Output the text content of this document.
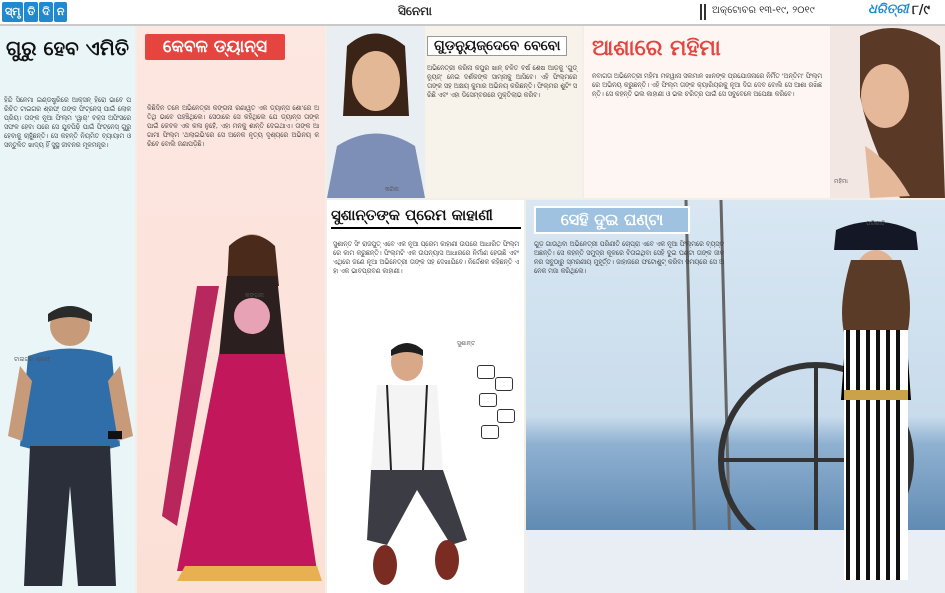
ସ୍ମୃ ତି ଦି ନ	ସିନେମା	ଅକ୍ଟୋବର ୧୩-୧୯, ୨୦୧୯	ଧରିତ୍ରୀ ୮/୯
ଗୁରୁ ହେବ ଏମିତି
ହିନ୍ଦି ସିନେମା ଇଣ୍ଡଷ୍ଟ୍ରିରେ ଆକ୍ସନ୍ ହିରୋ ଭାବେ ପରିଚିତ ଟାଇଗର ଶ୍ରଫ୍ ତାଙ୍କ ଫିଟ୍ନେସ୍ ପାଇଁ ଲୋକପ୍ରିୟ। ତାଙ୍କ ନୂଆ ଫିଲ୍ମ 'ୱାର୍' ବକ୍ସ ଅଫିସରେ ସଫଳ ହେବା ପରେ ସେ ଯୁବପିଢ଼ି ପାଇଁ ଫିଟ୍ନେସ୍ ଗୁରୁ ହେବାକୁ ଚାହୁଁଛନ୍ତି। ସେ କହନ୍ତି ନିୟମିତ ବ୍ୟାୟାମ ଓ ସନ୍ତୁଳିତ ଖାଦ୍ୟ ହିଁ ସୁସ୍ଥ ଜୀବନର ମୂଳମନ୍ତ୍ର।
ଟାଇଗର ଶ୍ରଫ୍
କେବଳ ଡ୍ୟାନ୍ସ
କିଛିଦିନ ତଳେ ଅଭିନେତ୍ରୀ କଙ୍ଗନା ରଣାୱତ ଏକ ଡ୍ୟାନ୍ସ ଶୋ'ରେ ଅତିଥି ଭାବେ ପହଞ୍ଚିଥିଲେ। ସେଠାରେ ସେ କହିଥିଲେ ଯେ ଡ୍ୟାନ୍ସ ତାଙ୍କ ପାଇଁ କେବଳ ଏକ କଳା ନୁହେଁ, ଏହା ମନକୁ ଶାନ୍ତି ଦେଇଥାଏ। ତାଙ୍କ ଆଗାମୀ ଫିଲ୍ମ 'ଥଲାଇଭି'ରେ ସେ ଅନେକ ନୃତ୍ୟ ଦୃଶ୍ୟରେ ଅଭିନୟ କରିବେ ବୋଲି ଜଣାପଡ଼ିଛି।
କଙ୍ଗନା
ଗୁଡ଼ନ୍ୟୁଜ୍‌ଦେବେ ବେବୋ
ଅଭିନେତ୍ରୀ କରିନା କପୁର ଖାନ୍ ଚଳିତ ବର୍ଷ ଶେଷ ଆଡ଼କୁ 'ଗୁଡ୍ ନ୍ୟୁଜ୍' ନେଇ ଦର୍ଶକଙ୍କ ସାମ୍ନାକୁ ଆସିବେ। ଏହି ଫିଲ୍ମରେ ତାଙ୍କ ସହ ଅକ୍ଷୟ କୁମାର ଅଭିନୟ କରିଛନ୍ତି। ଫିଲ୍ମର ଶୁଟିଂ ସରିଛି ଏବଂ ଏହା ଡିସେମ୍ବରରେ ମୁକ୍ତିଲାଭ କରିବ।
କରିନା
ଆଶାରେ ମହିମା
ନବାଗତା ଅଭିନେତ୍ରୀ ମହିମା ମକୱାନା ସଲମାନ ଖାନଙ୍କ ପ୍ରଯୋଜନାରେ ନିର୍ମିତ 'ଅନ୍ତିମ' ଫିଲ୍ମରେ ଅଭିନୟ କରୁଛନ୍ତି। ଏହି ଫିଲ୍ମ ତାଙ୍କ କ୍ୟାରିୟରକୁ ନୂଆ ଦିଗ ଦେବ ବୋଲି ସେ ଆଶା ରଖିଛନ୍ତି। ସେ କହନ୍ତି ଭଲ କାହାଣୀ ଓ ଭଲ ଚରିତ୍ର ପାଇଁ ସେ ସବୁବେଳେ ଅପେକ୍ଷା କରିବେ।
ମହିମା
ସୁଶାନ୍ତଙ୍କ ପ୍ରେମ କାହାଣୀ
ସୁଶାନ୍ତ ସିଂ ରାଜପୁତ୍ ଏବେ ଏକ ନୂଆ ପ୍ରେମ କାହାଣୀ ଉପରେ ଆଧାରିତ ଫିଲ୍ମରେ କାମ କରୁଛନ୍ତି। ଫିଲ୍ମଟି ଏକ ଉପନ୍ୟାସ ଆଧାରରେ ନିର୍ମାଣ ହେଉଛି ଏବଂ ଏଥିରେ ଜଣେ ନୂଆ ଅଭିନେତ୍ରୀ ତାଙ୍କ ସହ ଦେଖାଯିବେ। ନିର୍ଦ୍ଦେଶକ କହିଛନ୍ତି ଏହା ଏକ ଭାବପ୍ରବଣ କାହାଣୀ।
ସୁଶାନ୍ତ
ସେହି ଦୁଇ ଘଣ୍ଟା
ଗୁଡ଼ ଗାଉଥିବା ଅଭିନେତ୍ରୀ ପରିଣୀତି ଚୋପ୍ରା ଏବେ ଏକ ନୂଆ ଫିଲ୍ମରେ ବ୍ୟସ୍ତ ଅଛନ୍ତି। ସେ କହନ୍ତି ସମୁଦ୍ର କୂଳରେ ବିତାଇଥିବା ସେହି ଦୁଇ ଘଣ୍ଟା ତାଙ୍କ ଜୀବନର ସବୁଠାରୁ ସ୍ମରଣୀୟ ମୁହୂର୍ତ୍ତ। ଜାହାଜରେ ଫଟୋଶୁଟ୍ କରିବା ସମୟରେ ସେ ଅନେକ ମଜା କରିଥିଲେ।
ପରିଣୀତି
